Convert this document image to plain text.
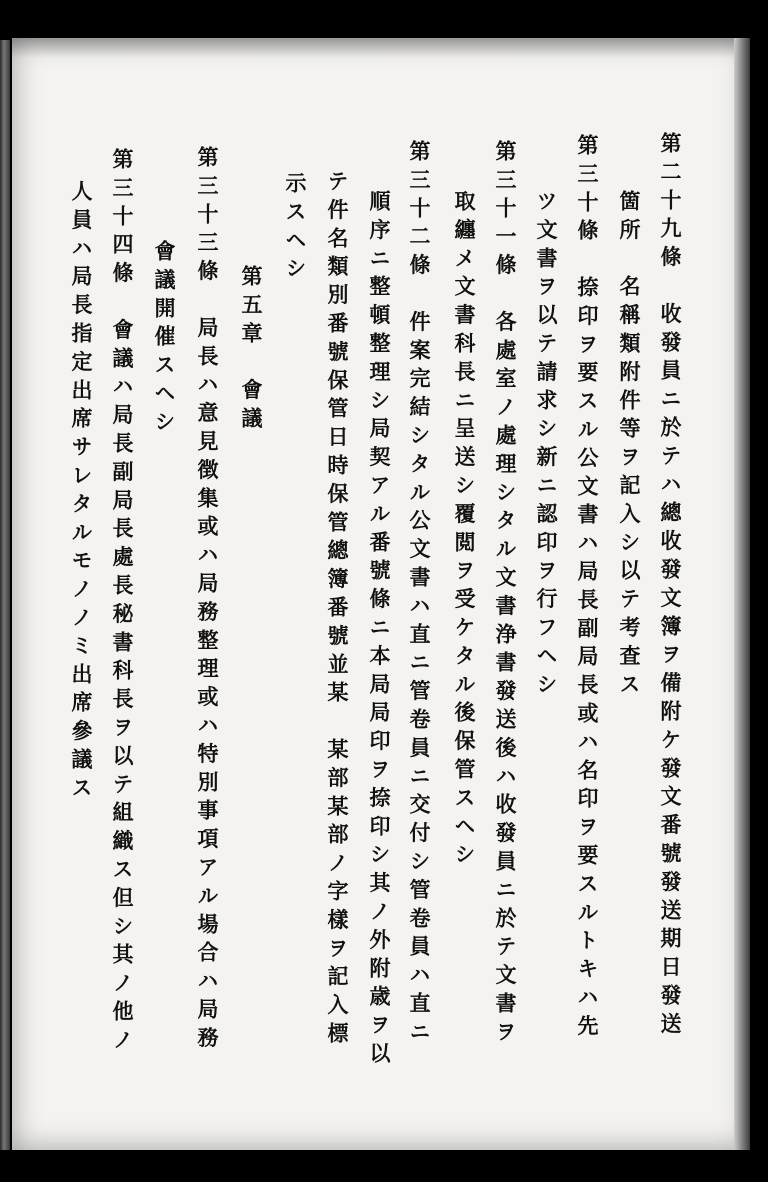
第二十九條　收發員ニ於テハ總收發文簿ヲ備附ケ發文番號發送期日發送
箇所　名稱類附件等ヲ記入シ以テ考査ス
第三十條　捺印ヲ要スル公文書ハ局長副局長或ハ名印ヲ要スルトキハ先
ツ文書ヲ以テ請求シ新ニ認印ヲ行フヘシ
第三十一條　各處室ノ處理シタル文書浄書發送後ハ收發員ニ於テ文書ヲ
取纏メ文書科長ニ呈送シ覆閲ヲ受ケタル後保管スヘシ
第三十二條　件案完結シタル公文書ハ直ニ管卷員ニ交付シ管卷員ハ直ニ
順序ニ整頓整理シ局契アル番號條ニ本局局印ヲ捺印シ其ノ外附歳ヲ以
テ件名類別番號保管日時保管總簿番號並某　某部某部ノ字樣ヲ記入標
示スヘシ
第五章　會議
第三十三條　局長ハ意見徴集或ハ局務整理或ハ特別事項アル場合ハ局務
會議開催スヘシ
第三十四條　會議ハ局長副局長處長秘書科長ヲ以テ組織ス但シ其ノ他ノ
人員ハ局長指定出席サレタルモノノミ出席參議ス
